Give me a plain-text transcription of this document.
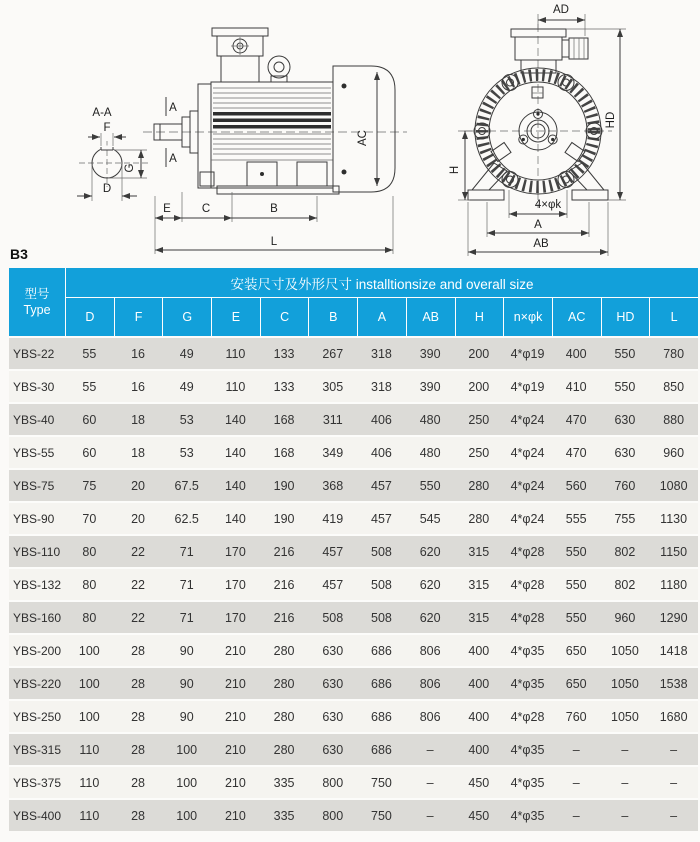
A-A
F
G
D
A
A
AC
E	C	B
L
AD
HD
H
4×φk
A
AB
B3
型号
Type	安装尺寸及外形尺寸 installtionsize and overall size												
	D	F	G	E	C	B	A	AB	H	n×φk	AC	HD	L
YBS-22	55	16	49	110	133	267	318	390	200	4*φ19	400	550	780
YBS-30	55	16	49	110	133	305	318	390	200	4*φ19	410	550	850
YBS-40	60	18	53	140	168	311	406	480	250	4*φ24	470	630	880
YBS-55	60	18	53	140	168	349	406	480	250	4*φ24	470	630	960
YBS-75	75	20	67.5	140	190	368	457	550	280	4*φ24	560	760	1080
YBS-90	70	20	62.5	140	190	419	457	545	280	4*φ24	555	755	1130
YBS-110	80	22	71	170	216	457	508	620	315	4*φ28	550	802	1150
YBS-132	80	22	71	170	216	457	508	620	315	4*φ28	550	802	1180
YBS-160	80	22	71	170	216	508	508	620	315	4*φ28	550	960	1290
YBS-200	100	28	90	210	280	630	686	806	400	4*φ35	650	1050	1418
YBS-220	100	28	90	210	280	630	686	806	400	4*φ35	650	1050	1538
YBS-250	100	28	90	210	280	630	686	806	400	4*φ28	760	1050	1680
YBS-315	110	28	100	210	280	630	686	–	400	4*φ35	–	–	–
YBS-375	110	28	100	210	335	800	750	–	450	4*φ35	–	–	–
YBS-400	110	28	100	210	335	800	750	–	450	4*φ35	–	–	–
